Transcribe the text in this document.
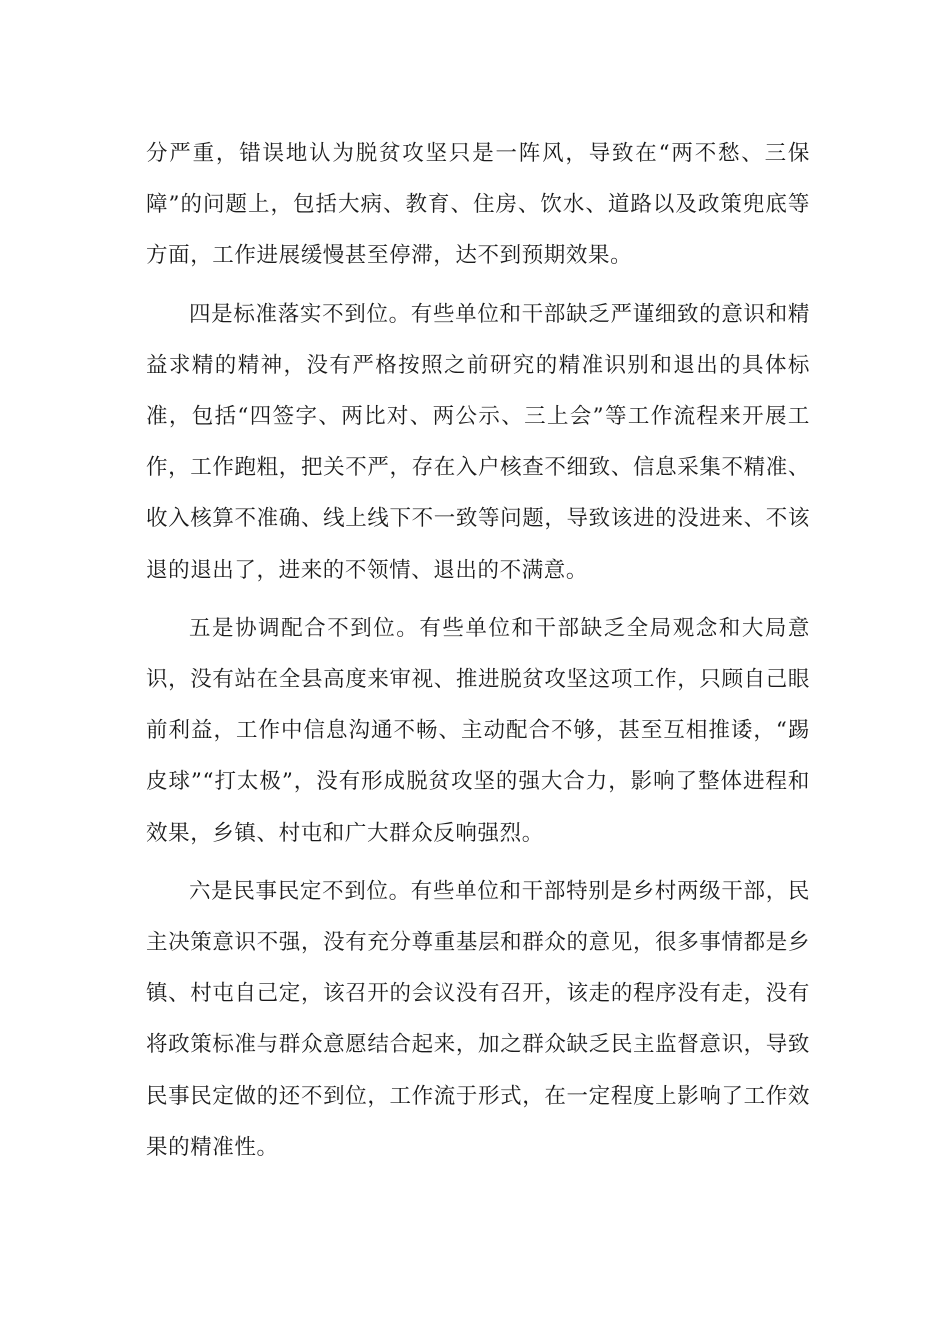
分严重，错误地认为脱贫攻坚只是一阵风，导致在“两不愁、三保障”的问题上，包括大病、教育、住房、饮水、道路以及政策兜底等方面，工作进展缓慢甚至停滞，达不到预期效果。

四是标准落实不到位。有些单位和干部缺乏严谨细致的意识和精益求精的精神，没有严格按照之前研究的精准识别和退出的具体标准，包括“四签字、两比对、两公示、三上会”等工作流程来开展工作，工作跑粗，把关不严，存在入户核查不细致、信息采集不精准、收入核算不准确、线上线下不一致等问题，导致该进的没进来、不该退的退出了，进来的不领情、退出的不满意。

五是协调配合不到位。有些单位和干部缺乏全局观念和大局意识，没有站在全县高度来审视、推进脱贫攻坚这项工作，只顾自己眼前利益，工作中信息沟通不畅、主动配合不够，甚至互相推诿，“踢皮球”“打太极”，没有形成脱贫攻坚的强大合力，影响了整体进程和效果，乡镇、村屯和广大群众反响强烈。

六是民事民定不到位。有些单位和干部特别是乡村两级干部，民主决策意识不强，没有充分尊重基层和群众的意见，很多事情都是乡镇、村屯自己定，该召开的会议没有召开，该走的程序没有走，没有将政策标准与群众意愿结合起来，加之群众缺乏民主监督意识，导致民事民定做的还不到位，工作流于形式，在一定程度上影响了工作效果的精准性。
